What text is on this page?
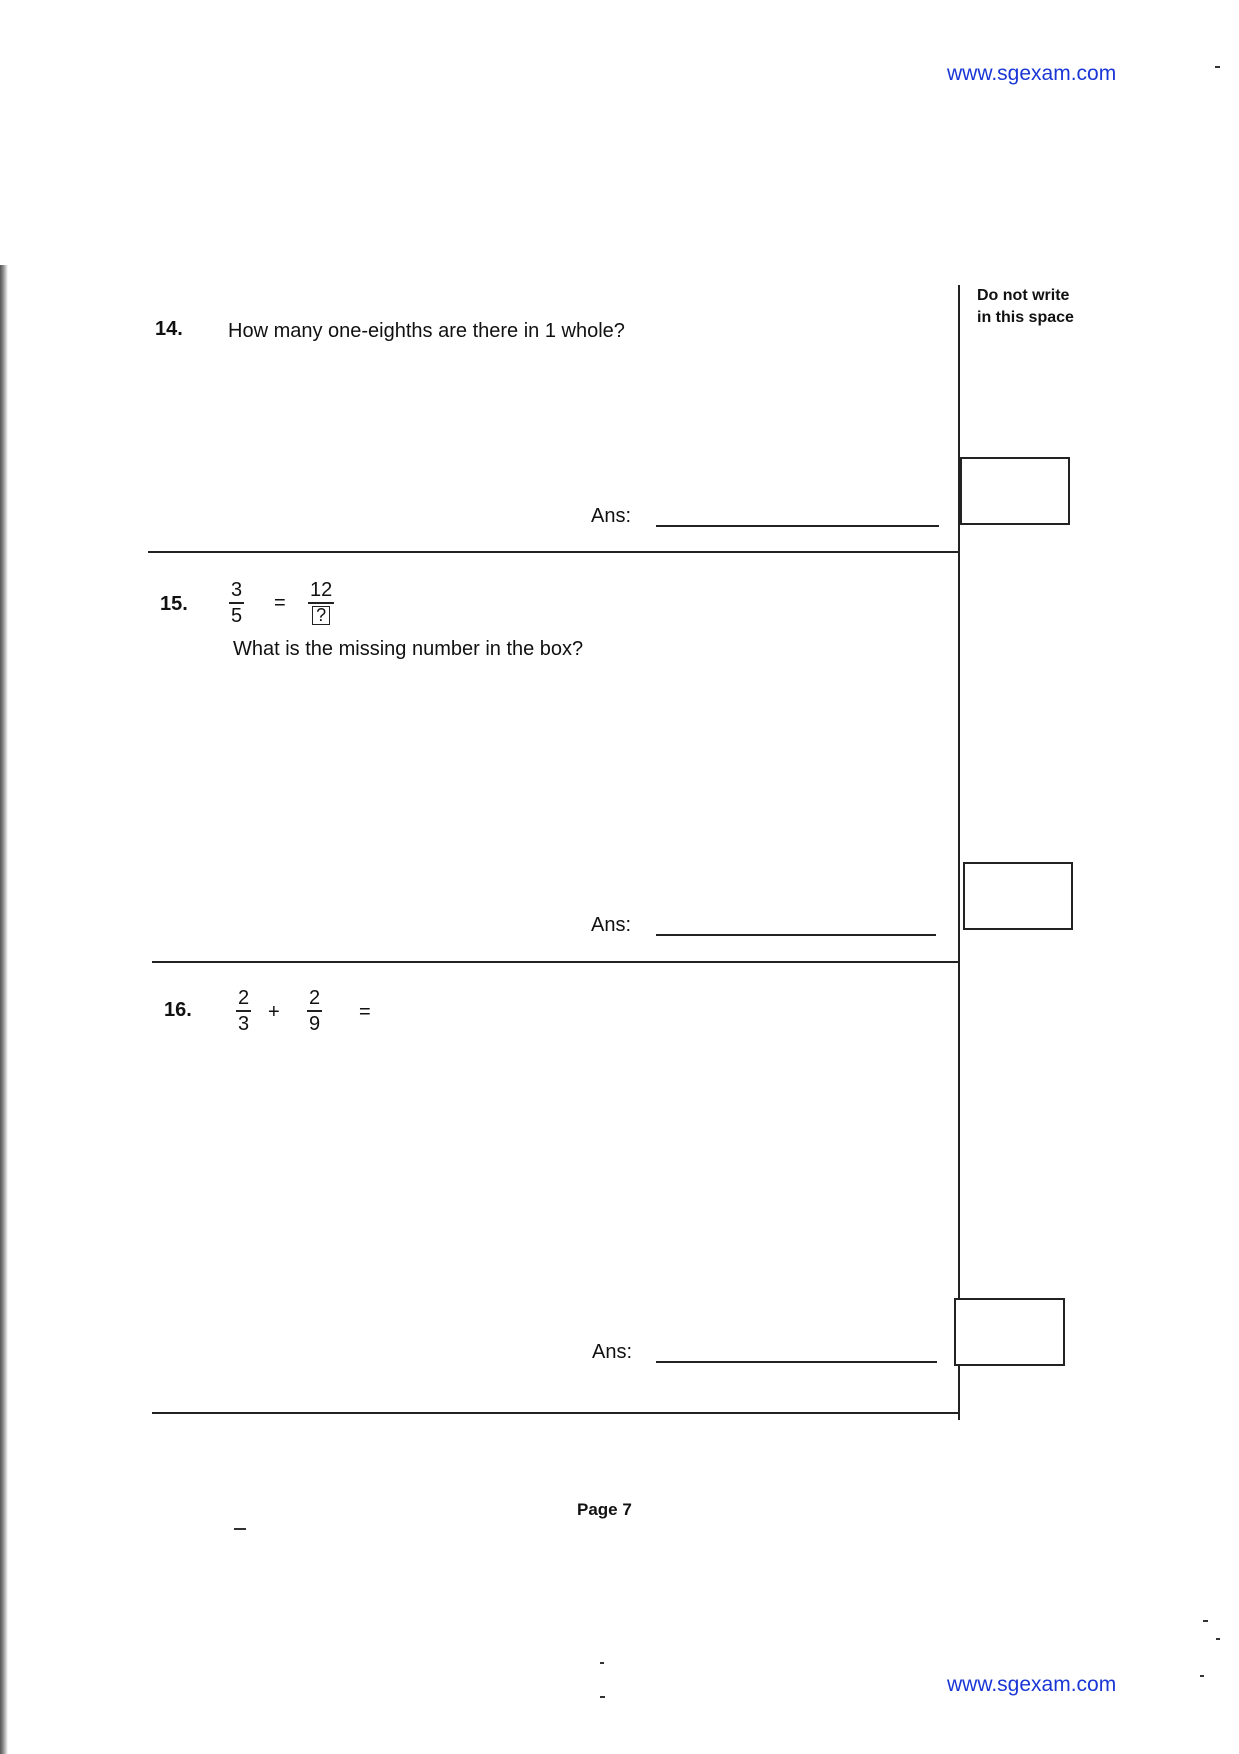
www.sgexam.com
Do not write
in this space
14. How many one-eighths are there in 1 whole?
Ans:
15.
3
5
=
12
?
What is the missing number in the box?
Ans:
16.
2
3
+
2
9
=
Ans:
Page 7
www.sgexam.com
